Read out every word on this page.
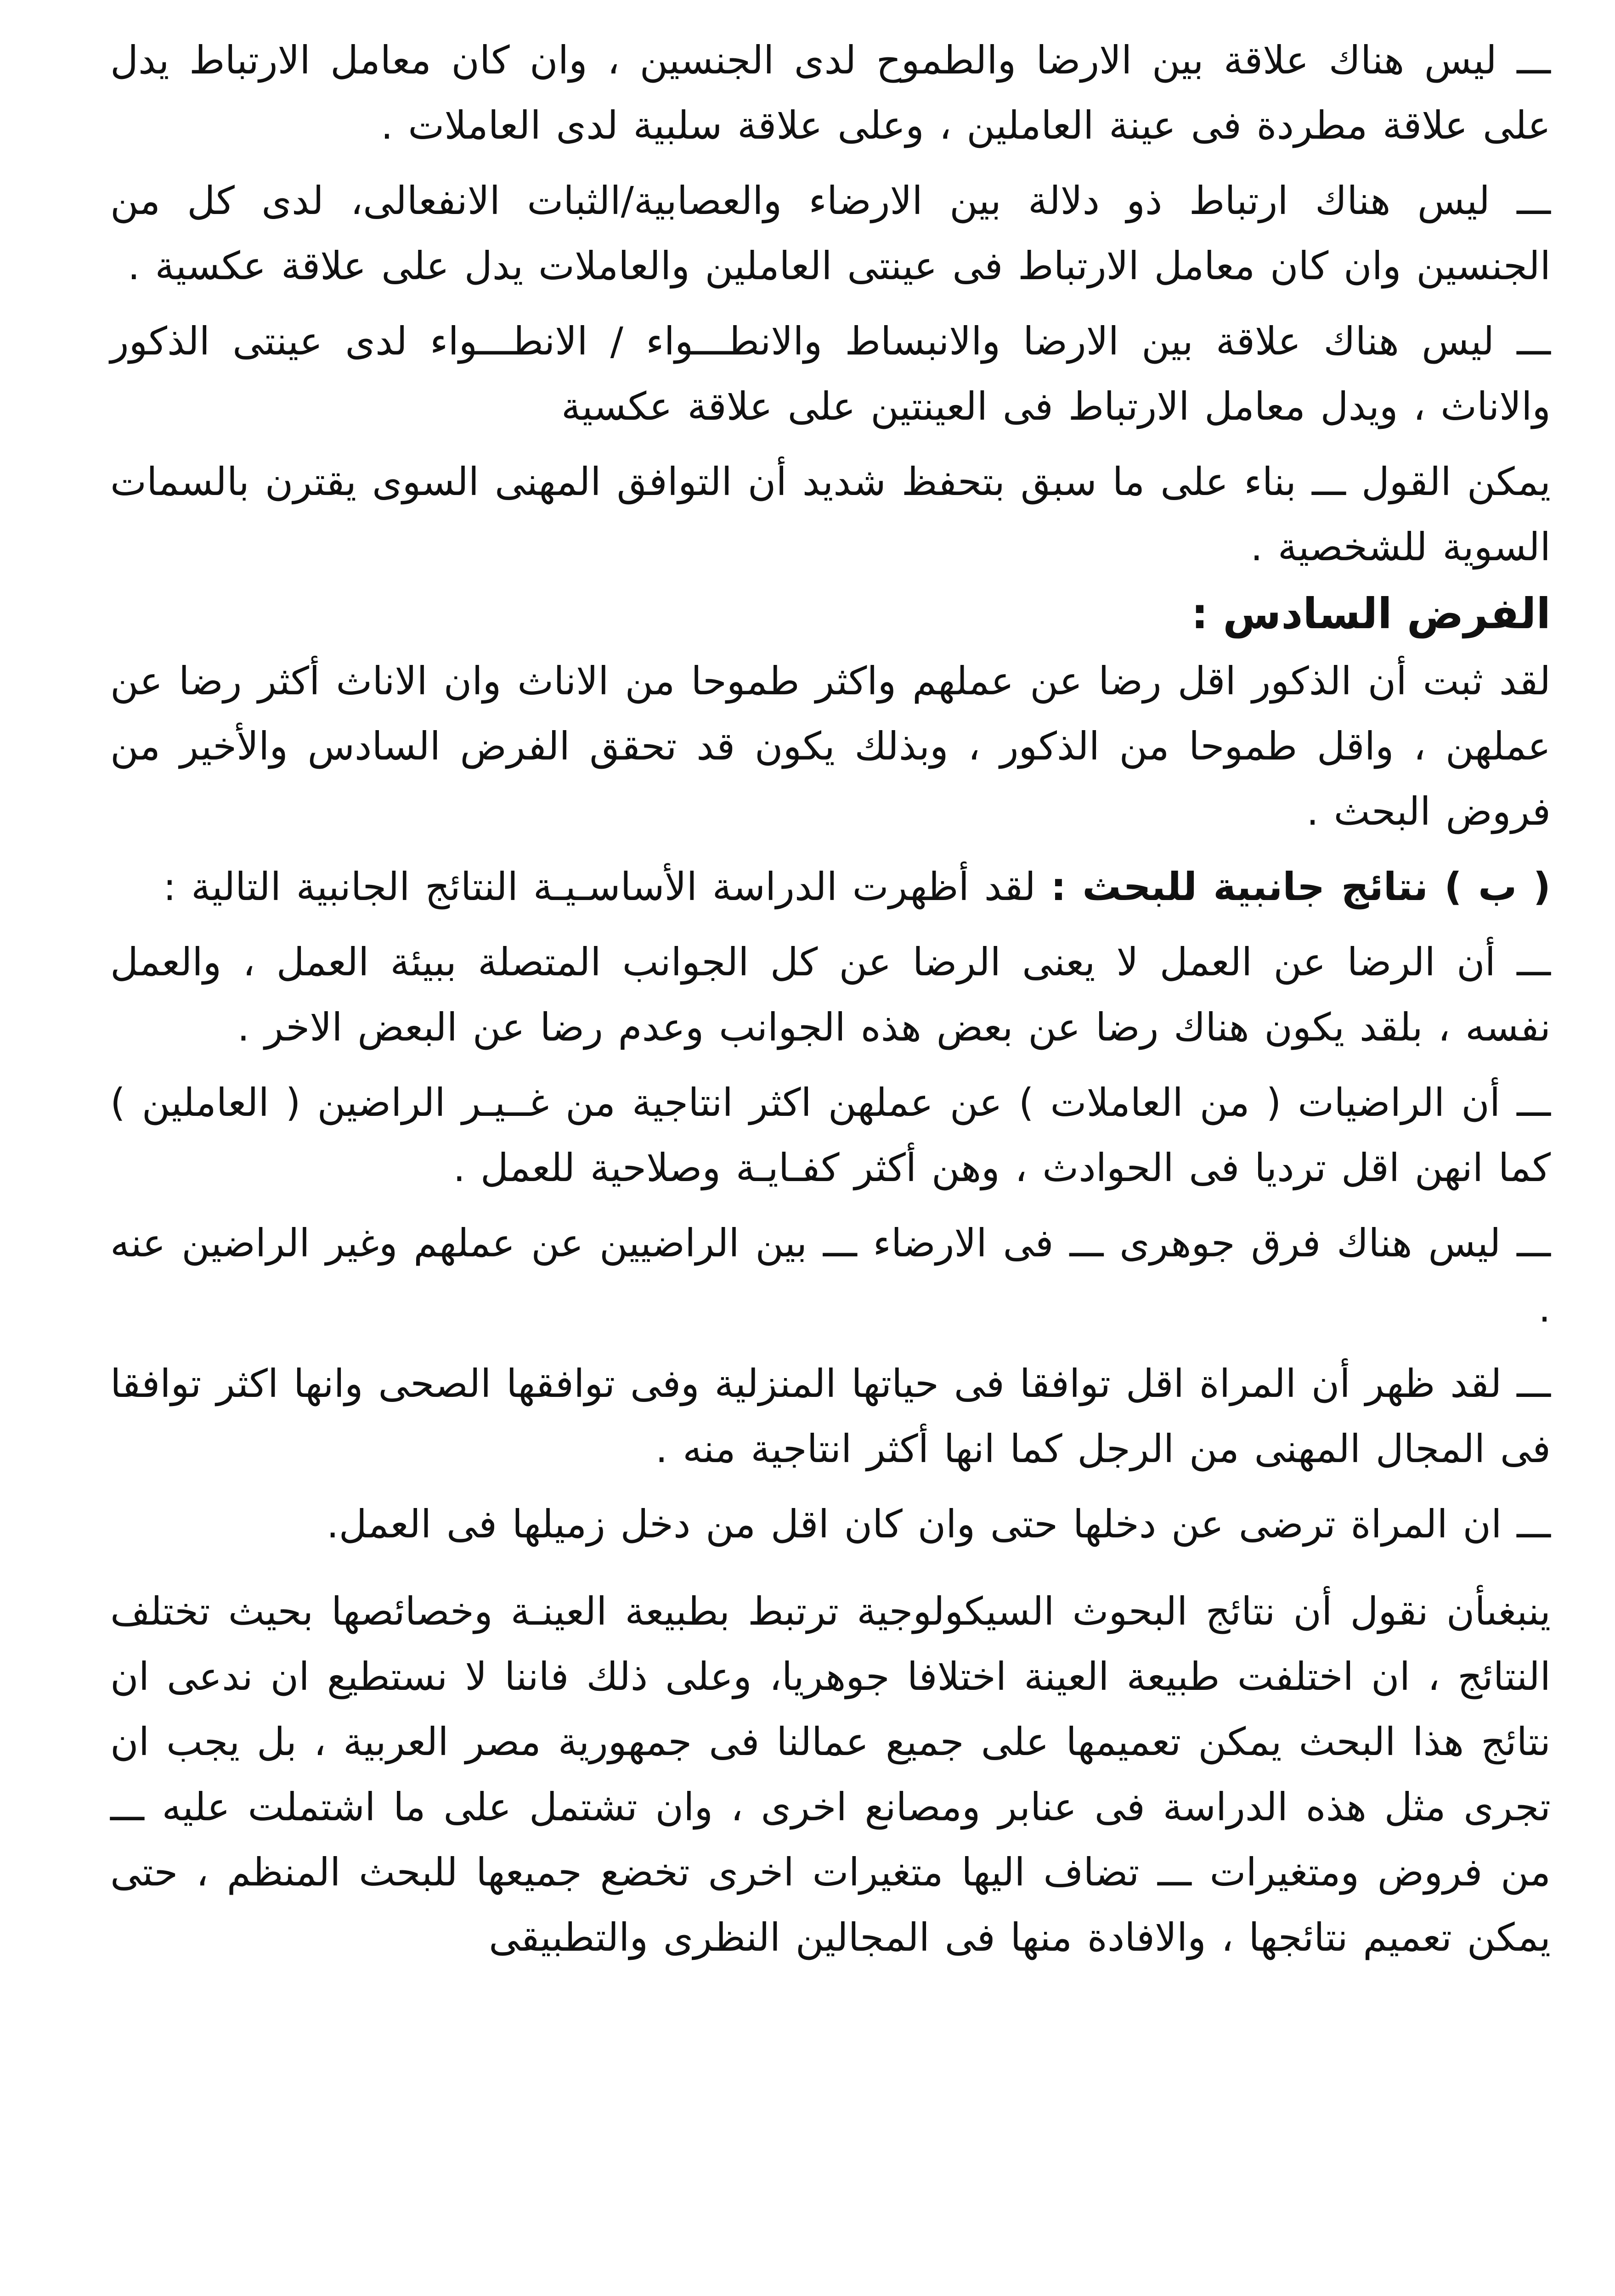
ـــ ليس هناك علاقة بين الارضا والطموح لدى الجنسين ، وان كان معامل الارتباط يدل على علاقة مطردة فى عينة العاملين ، وعلى علاقة سلبية لدى العاملات .

ـــ ليس هناك ارتباط ذو دلالة بين الارضاء والعصابية/الثبات الانفعالى، لدى كل من الجنسين وان كان معامل الارتباط فى عينتى العاملين والعاملات يدل على علاقة عكسية .

ـــ ليس هناك علاقة بين الارضا والانبساط والانطـــواء / الانطـــواء لدى عينتى الذكور والاناث ، ويدل معامل الارتباط فى العينتين على علاقة عكسية

يمكن القول ـــ بناء على ما سبق بتحفظ شديد أن التوافق المهنى السوى يقترن بالسمات السوية للشخصية .

الفرض السادس :

لقد ثبت أن الذكور اقل رضا عن عملهم واكثر طموحا من الاناث وان الاناث أكثر رضا عن عملهن ، واقل طموحا من الذكور ، وبذلك يكون قد تحقق الفرض السادس والأخير من فروض البحث .

( ب ) نتائج جانبية للبحث : لقد أظهرت الدراسة الأساسـيـة النتائج الجانبية التالية :

ـــ أن الرضا عن العمل لا يعنى الرضا عن كل الجوانب المتصلة ببيئة العمل ، والعمل نفسه ، بلقد يكون هناك رضا عن بعض هذه الجوانب وعدم رضا عن البعض الاخر .

ـــ أن الراضيات ( من العاملات ) عن عملهن اكثر انتاجية من غــيـر الراضين ( العاملين ) كما انهن اقل ترديا فى الحوادث ، وهن أكثر كفـايـة وصلاحية للعمل .

ـــ ليس هناك فرق جوهرى ـــ فى الارضاء ـــ بين الراضيين عن عملهم وغير الراضين عنه .

ـــ لقد ظهر أن المراة اقل توافقا فى حياتها المنزلية وفى توافقها الصحى وانها اكثر توافقا فى المجال المهنى من الرجل كما انها أكثر انتاجية منه .

ـــ ان المراة ترضى عن دخلها حتى وان كان اقل من دخل زميلها فى العمل.

ينبغىأن نقول أن نتائج البحوث السيكولوجية ترتبط بطبيعة العينـة وخصائصها بحيث تختلف النتائج ، ان اختلفت طبيعة العينة اختلافا جوهريا، وعلى ذلك فاننا لا نستطيع ان ندعى ان نتائج هذا البحث يمكن تعميمها على جميع عمالنا فى جمهورية مصر العربية ، بل يجب ان تجرى مثل هذه الدراسة فى عنابر ومصانع اخرى ، وان تشتمل على ما اشتملت عليه ـــ من فروض ومتغيرات ـــ تضاف اليها متغيرات اخرى تخضع جميعها للبحث المنظم ، حتى يمكن تعميم نتائجها ، والافادة منها فى المجالين النظرى والتطبيقى
